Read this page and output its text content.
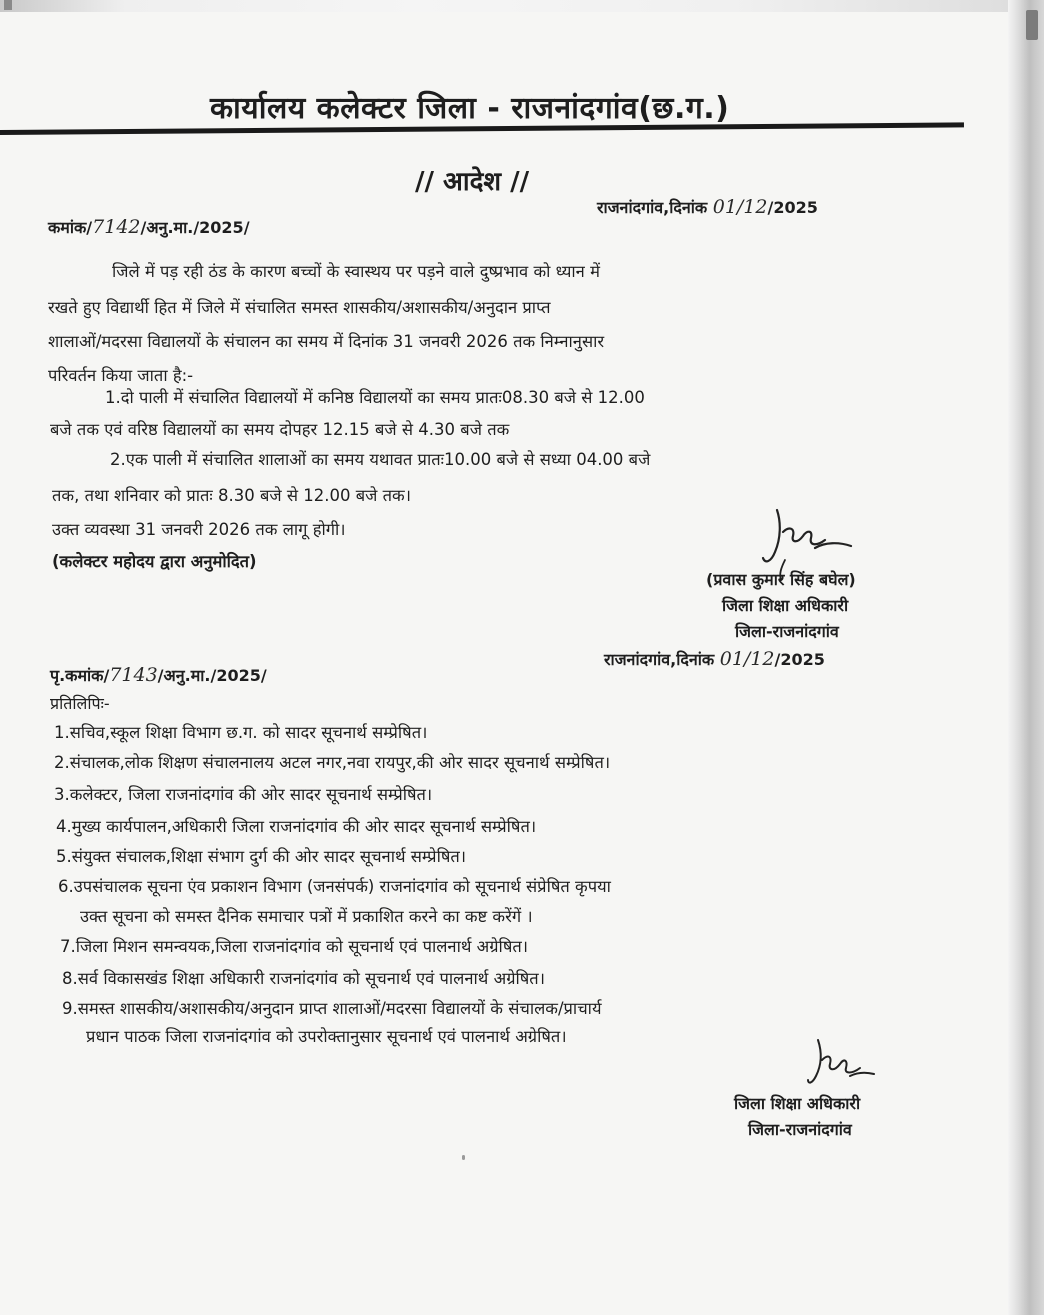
कार्यालय कलेक्टर जिला - राजनांदगांव(छ.ग.)
// आदेश //
राजनांदगांव,दिनांक 01/12/2025
कमांक/7142/अनु.मा./2025/
जिले में पड़ रही ठंड के कारण बच्चों के स्वास्थय पर पड़ने वाले दुष्प्रभाव को ध्यान में
रखते हुए विद्यार्थी हित में जिले में संचालित समस्त शासकीय/अशासकीय/अनुदान प्राप्त
शालाओं/मदरसा विद्यालयों के संचालन का समय में दिनांक 31 जनवरी 2026 तक निम्नानुसार
परिवर्तन किया जाता है:-
1.दो पाली में संचालित विद्यालयों में कनिष्ठ विद्यालयों का समय प्रातः08.30 बजे से 12.00
बजे तक एवं वरिष्ठ विद्यालयों का समय दोपहर 12.15 बजे से 4.30 बजे तक
2.एक पाली में संचालित शालाओं का समय यथावत प्रातः10.00 बजे से सध्या 04.00 बजे
तक, तथा शनिवार को प्रातः 8.30 बजे से 12.00 बजे तक।
उक्त व्यवस्था 31 जनवरी 2026 तक लागू होगी।
(कलेक्टर महोदय द्वारा अनुमोदित)
(प्रवास कुमार सिंह बघेल)
जिला शिक्षा अधिकारी
जिला-राजनांदगांव
राजनांदगांव,दिनांक 01/12/2025
पृ.कमांक/7143/अनु.मा./2025/
प्रतिलिपिः-
1.सचिव,स्कूल शिक्षा विभाग छ.ग. को सादर सूचनार्थ सम्प्रेषित।
2.संचालक,लोक शिक्षण संचालनालय अटल नगर,नवा रायपुर,की ओर सादर सूचनार्थ सम्प्रेषित।
3.कलेक्टर, जिला राजनांदगांव की ओर सादर सूचनार्थ सम्प्रेषित।
4.मुख्य कार्यपालन,अधिकारी जिला राजनांदगांव की ओर सादर सूचनार्थ सम्प्रेषित।
5.संयुक्त संचालक,शिक्षा संभाग दुर्ग की ओर सादर सूचनार्थ सम्प्रेषित।
6.उपसंचालक सूचना एंव प्रकाशन विभाग (जनसंपर्क) राजनांदगांव को सूचनार्थ संप्रेषित कृपया
उक्त सूचना को समस्त दैनिक समाचार पत्रों में प्रकाशित करने का कष्ट करेंगें ।
7.जिला मिशन समन्वयक,जिला राजनांदगांव को सूचनार्थ एवं पालनार्थ अग्रेषित।
8.सर्व विकासखंड शिक्षा अधिकारी राजनांदगांव को सूचनार्थ एवं पालनार्थ अग्रेषित।
9.समस्त शासकीय/अशासकीय/अनुदान प्राप्त शालाओं/मदरसा विद्यालयों के संचालक/प्राचार्य
प्रधान पाठक जिला राजनांदगांव को उपरोक्तानुसार सूचनार्थ एवं पालनार्थ अग्रेषित।
जिला शिक्षा अधिकारी
जिला-राजनांदगांव
